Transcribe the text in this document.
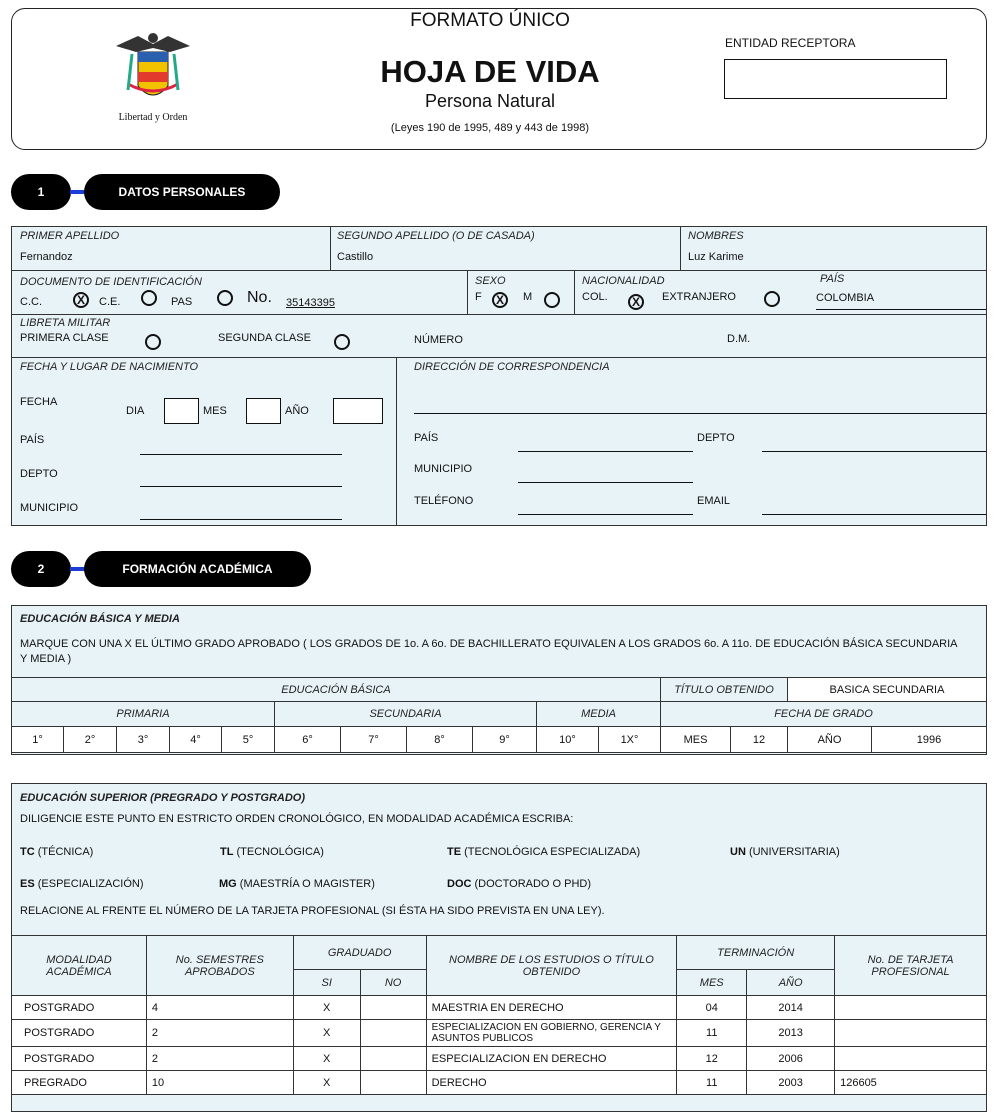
Libertad y Orden
FORMATO ÚNICO
HOJA DE VIDA
Persona Natural
(Leyes 190 de 1995, 489 y 443 de 1998)
ENTIDAD RECEPTORA
1	DATOS PERSONALES
PRIMER APELLIDO
Fernandoz
SEGUNDO APELLIDO (O DE CASADA)
Castillo
NOMBRES
Luz Karime
DOCUMENTO DE IDENTIFICACIÓN
C.C.	X	C.E.	PAS	No. 35143395
SEXO
F	X	M
NACIONALIDAD
COL.	X	EXTRANJERO
PAÍS
COLOMBIA
LIBRETA MILITAR
PRIMERA CLASE	SEGUNDA CLASE	NÚMERO	D.M.
FECHA Y LUGAR DE NACIMIENTO
FECHA
DIA	MES	AÑO
PAÍS
DEPTO
MUNICIPIO
DIRECCIÓN DE CORRESPONDENCIA
PAÍS	DEPTO
MUNICIPIO
TELÉFONO	EMAIL
2	FORMACIÓN ACADÉMICA
EDUCACIÓN BÁSICA Y MEDIA
MARQUE CON UNA X EL ÚLTIMO GRADO APROBADO ( LOS GRADOS DE 1o. A 6o. DE BACHILLERATO EQUIVALEN A LOS GRADOS 6o. A 11o. DE EDUCACIÓN BÁSICA SECUNDARIA Y MEDIA )
EDUCACIÓN BÁSICA											TÍTULO OBTENIDO		BASICA SECUNDARIA	
PRIMARIA					SECUNDARIA				MEDIA		FECHA DE GRADO			
1°	2°	3°	4°	5°	6°	7°	8°	9°	10°	1X°	MES	12	AÑO	1996
EDUCACIÓN SUPERIOR (PREGRADO Y POSTGRADO)
DILIGENCIE ESTE PUNTO EN ESTRICTO ORDEN CRONOLÓGICO, EN MODALIDAD ACADÉMICA ESCRIBA:
TC (TÉCNICA)	TL (TECNOLÓGICA)	TE (TECNOLÓGICA ESPECIALIZADA)	UN (UNIVERSITARIA)
ES (ESPECIALIZACIÓN)	MG (MAESTRÍA O MAGISTER)	DOC (DOCTORADO O PHD)
RELACIONE AL FRENTE EL NÚMERO DE LA TARJETA PROFESIONAL (SI ÉSTA HA SIDO PREVISTA EN UNA LEY).
MODALIDAD ACADÉMICA	No. SEMESTRES APROBADOS	GRADUADO		NOMBRE DE LOS ESTUDIOS O TÍTULO OBTENIDO	TERMINACIÓN		No. DE TARJETA PROFESIONAL
		SI	NO		MES	AÑO	
POSTGRADO	4	X		MAESTRIA EN DERECHO	04	2014	
POSTGRADO	2	X		ESPECIALIZACION EN GOBIERNO, GERENCIA Y ASUNTOS PUBLICOS	11	2013	
POSTGRADO	2	X		ESPECIALIZACION EN DERECHO	12	2006	
PREGRADO	10	X		DERECHO	11	2003	126605
